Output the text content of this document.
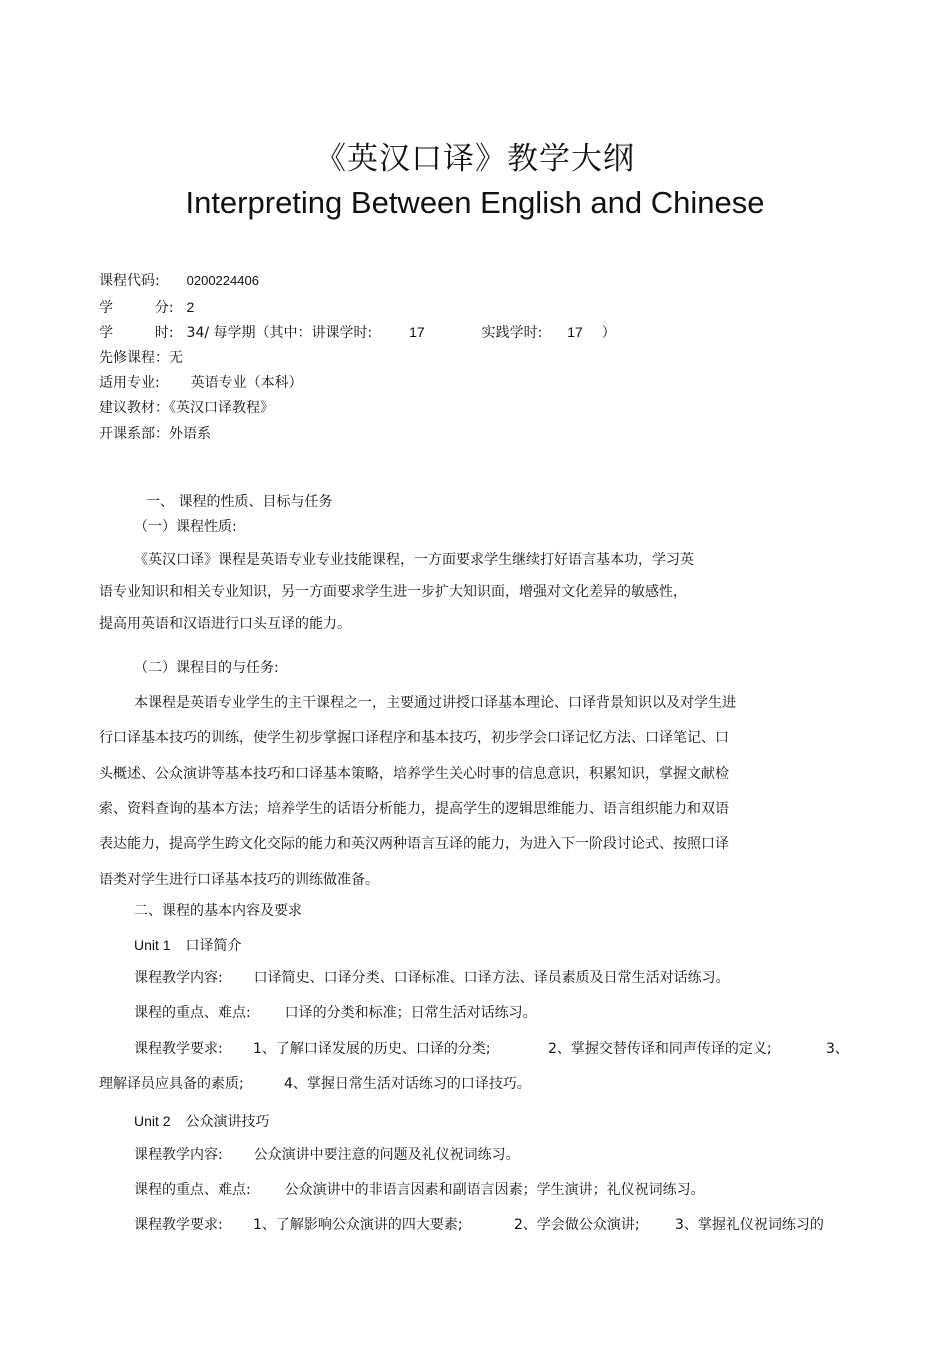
《英汉口译》教学大纲
Interpreting Between English and Chinese
课程代码: 0200224406
学	分: 2
学	时: 34/ 每学期（其中：讲课学时:	17	实践学时: 17 ）
先修课程：无
适用专业: 英语专业（本科）
建议教材：《英汉口译教程》
开课系部：外语系
一、 课程的性质、目标与任务
（一）课程性质:
《英汉口译》课程是英语专业专业技能课程，一方面要求学生继续打好语言基本功，学习英
语专业知识和相关专业知识，另一方面要求学生进一步扩大知识面，增强对文化差异的敏感性，
提高用英语和汉语进行口头互译的能力。
（二）课程目的与任务:
本课程是英语专业学生的主干课程之一，主要通过讲授口译基本理论、口译背景知识以及对学生进
行口译基本技巧的训练，使学生初步掌握口译程序和基本技巧，初步学会口译记忆方法、口译笔记、口
头概述、公众演讲等基本技巧和口译基本策略，培养学生关心时事的信息意识，积累知识，掌握文献检
索、资料查询的基本方法；培养学生的话语分析能力，提高学生的逻辑思维能力、语言组织能力和双语
表达能力，提高学生跨文化交际的能力和英汉两种语言互译的能力，为进入下一阶段讨论式、按照口译
语类对学生进行口译基本技巧的训练做准备。
二、课程的基本内容及要求
Unit 1 口译简介
课程教学内容: 口译简史、口译分类、口译标准、口译方法、译员素质及日常生活对话练习。
课程的重点、难点: 口译的分类和标准；日常生活对话练习。
课程教学要求: 1、了解口译发展的历史、口译的分类;	2、掌握交替传译和同声传译的定义;	3、
理解译员应具备的素质;	4、掌握日常生活对话练习的口译技巧。
Unit 2 公众演讲技巧
课程教学内容: 公众演讲中要注意的问题及礼仪祝词练习。
课程的重点、难点: 公众演讲中的非语言因素和副语言因素；学生演讲；礼仪祝词练习。
课程教学要求: 1、了解影响公众演讲的四大要素;	2、学会做公众演讲;	3、掌握礼仪祝词练习的
